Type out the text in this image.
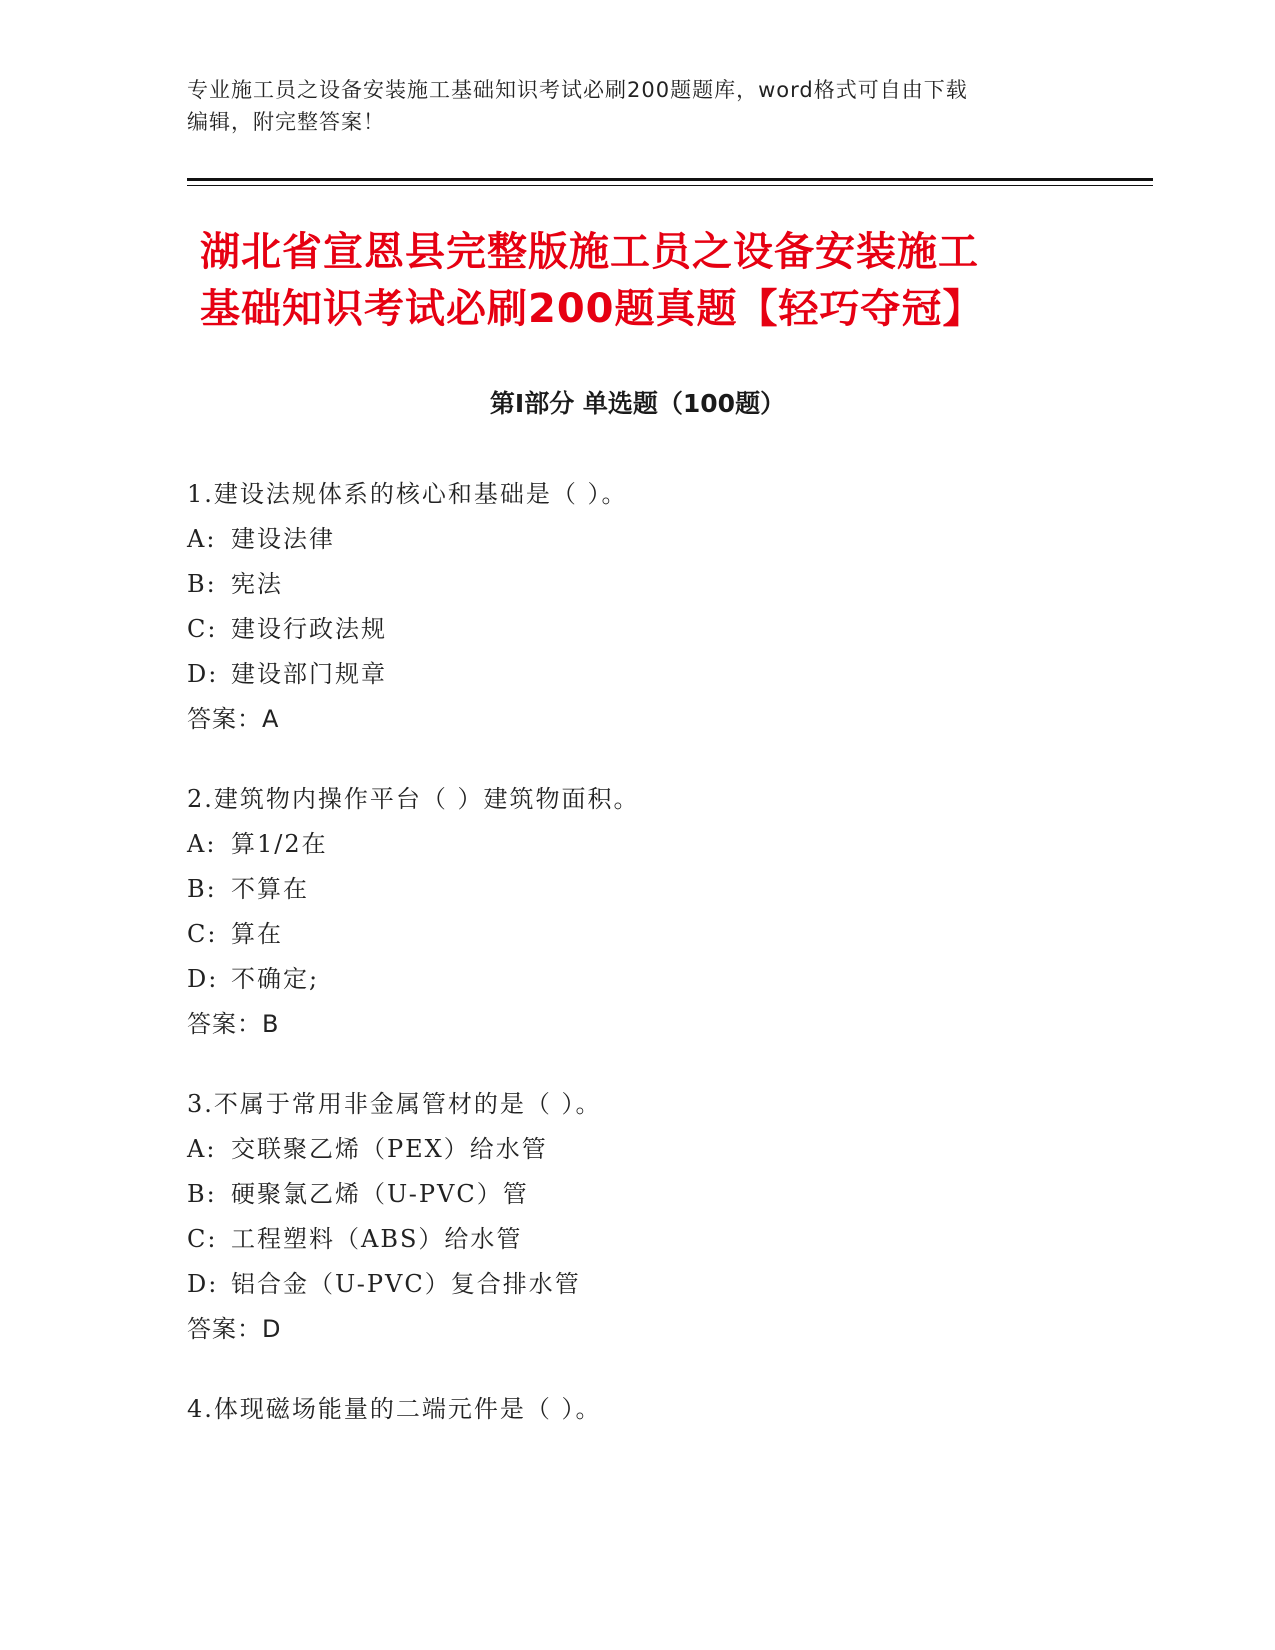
专业施工员之设备安装施工基础知识考试必刷200题题库，word格式可自由下载
编辑，附完整答案！
湖北省宣恩县完整版施工员之设备安装施工
基础知识考试必刷200题真题【轻巧夺冠】
第Ⅰ部分 单选题（100题）
1.建设法规体系的核心和基础是（ ）。
A: 建设法律
B: 宪法
C: 建设行政法规
D: 建设部门规章
答案：A
2.建筑物内操作平台（ ）建筑物面积。
A: 算1/2在
B: 不算在
C: 算在
D: 不确定;
答案：B
3.不属于常用非金属管材的是（ ）。
A: 交联聚乙烯（PEX）给水管
B: 硬聚氯乙烯（U-PVC）管
C: 工程塑料（ABS）给水管
D: 铝合金（U-PVC）复合排水管
答案：D
4.体现磁场能量的二端元件是（ ）。
